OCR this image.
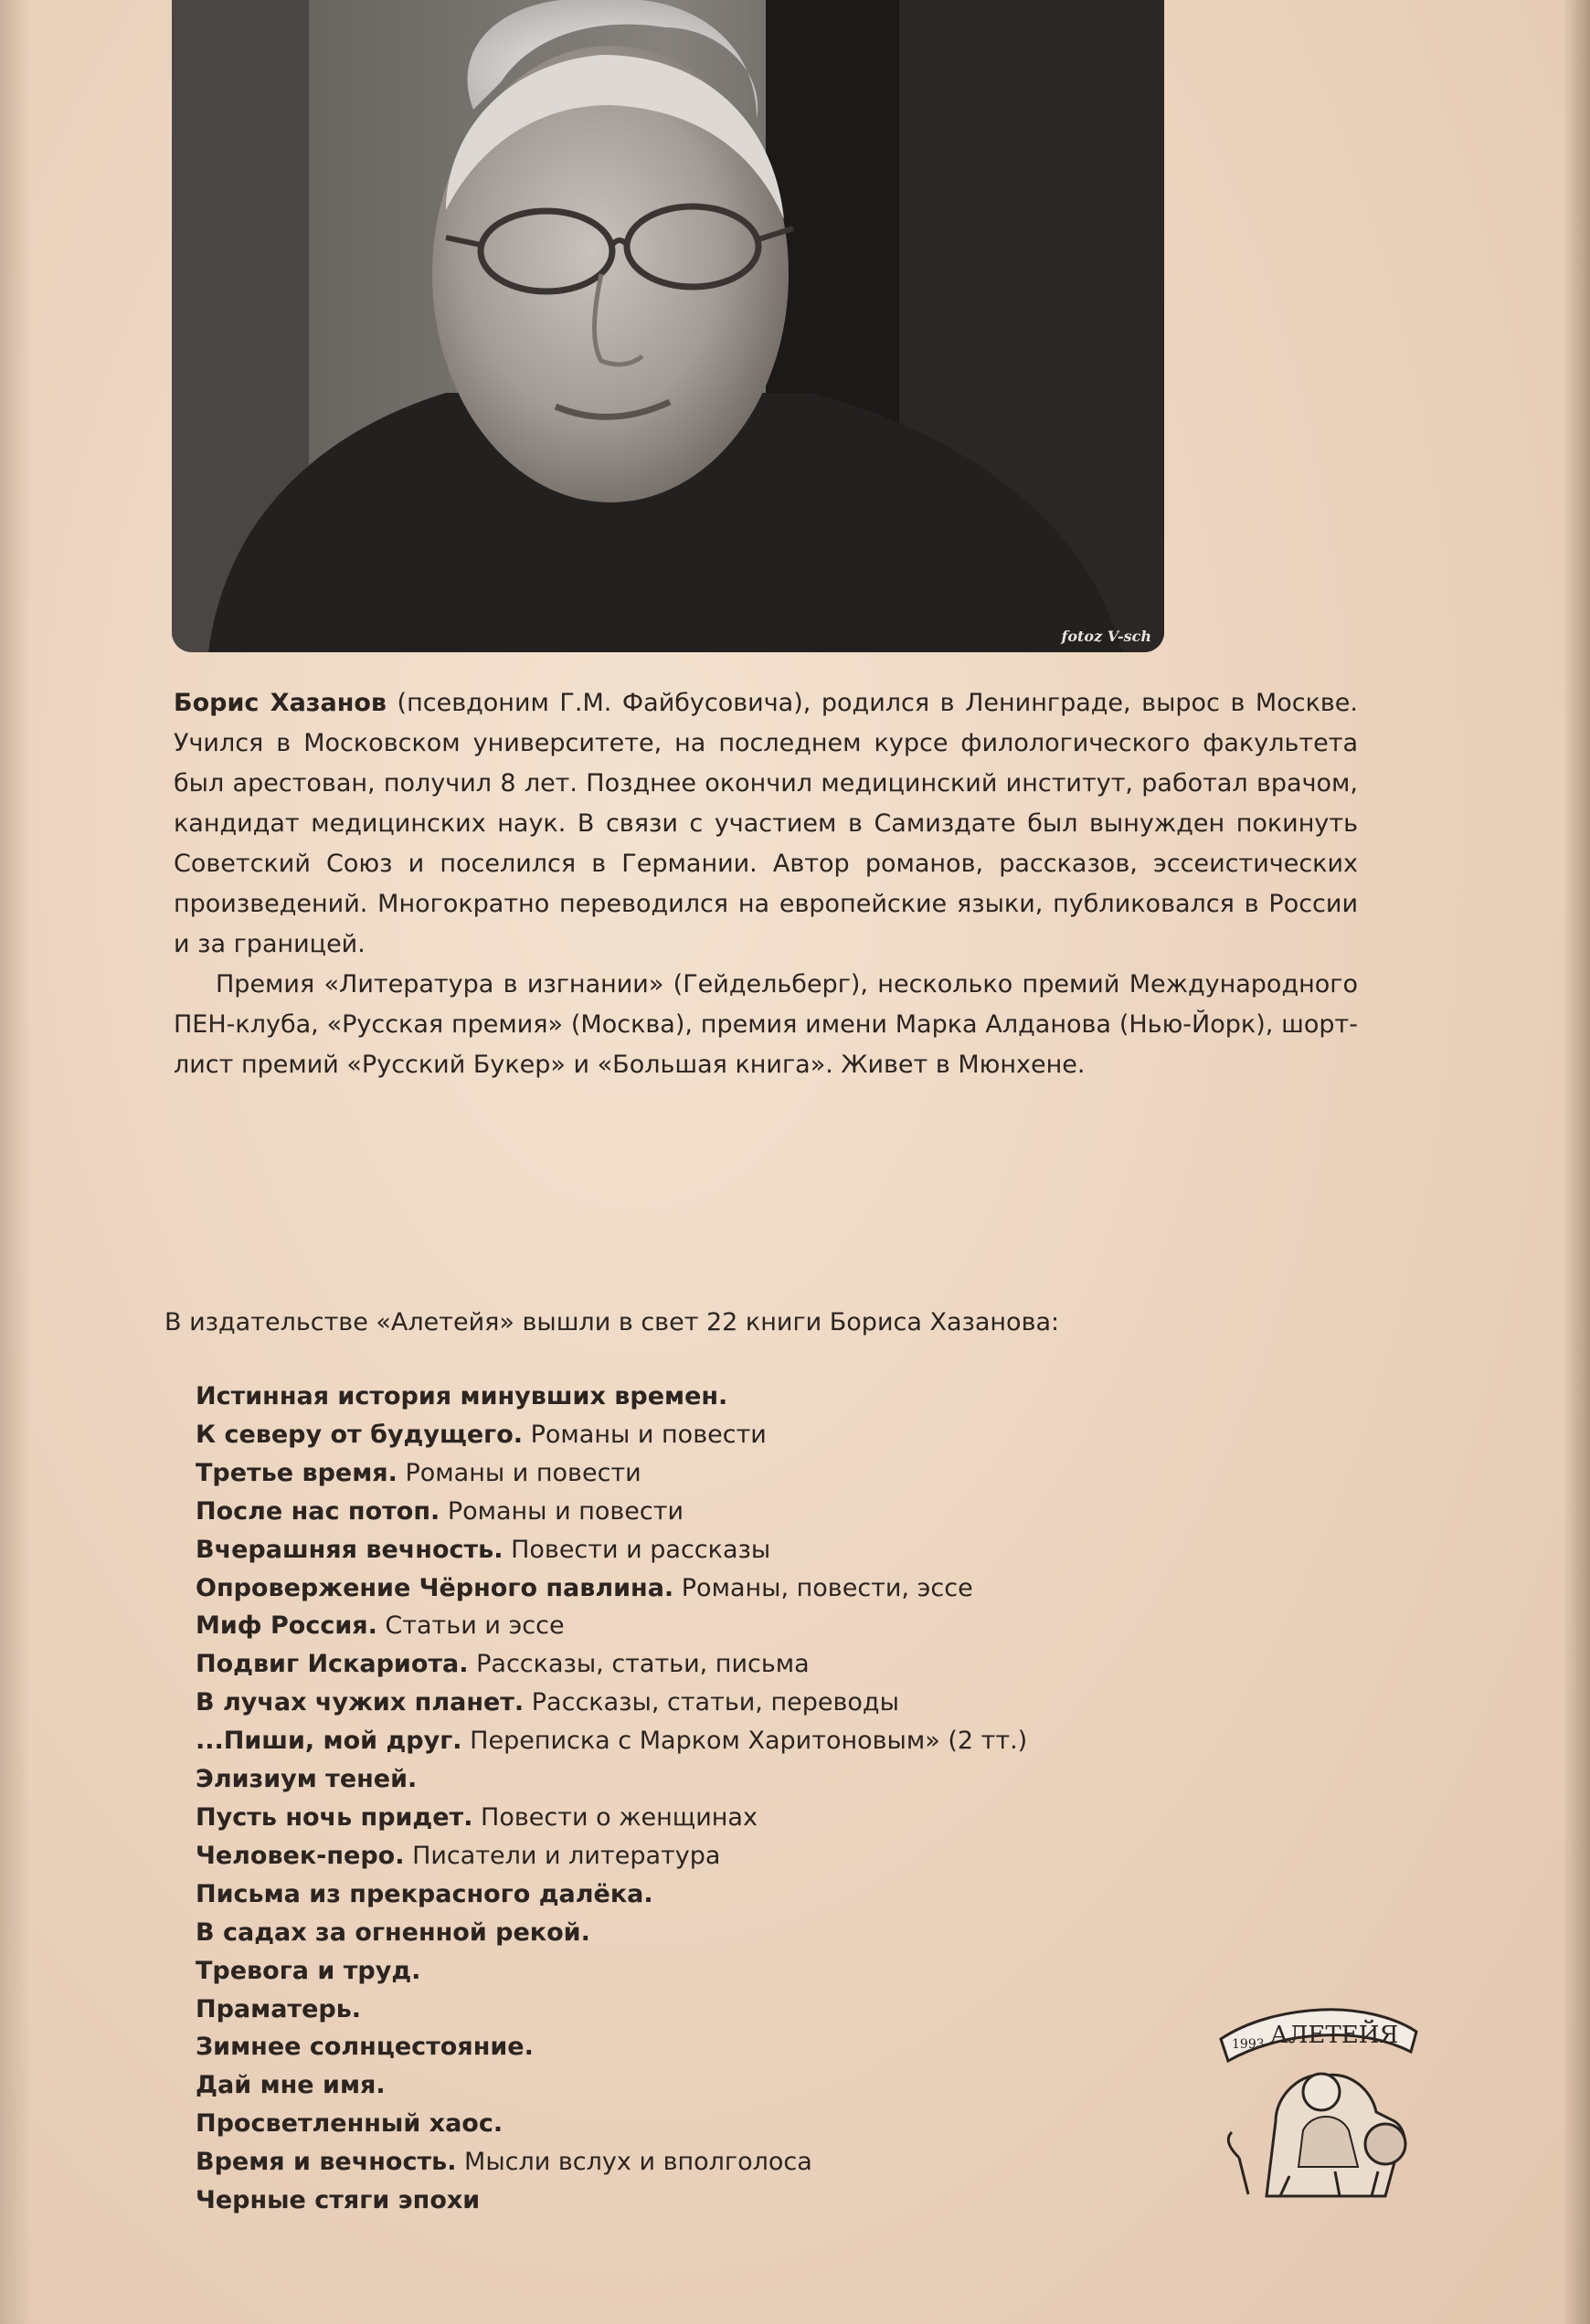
fotoz V-sch

Борис Хазанов (псевдоним Г.М. Файбусовича), родился в Ленинграде, вырос в Москве. Учился в Московском университете, на последнем курсе филологического факультета был арестован, получил 8 лет. Позднее окончил медицинский институт, работал врачом, кандидат медицинских наук. В связи с участием в Самиздате был вынужден покинуть Советский Союз и поселился в Германии. Автор романов, рассказов, эссеистических произведений. Многократно переводился на европейские языки, публиковался в России и за границей.

Премия «Литература в изгнании» (Гейдельберг), несколько премий Международного ПЕН-клуба, «Русская премия» (Москва), премия имени Марка Алданова (Нью-Йорк), шорт-лист премий «Русский Букер» и «Большая книга». Живет в Мюнхене.

В издательстве «Алетейя» вышли в свет 22 книги Бориса Хазанова:

Истинная история минувших времен.
К северу от будущего. Романы и повести
Третье время. Романы и повести
После нас потоп. Романы и повести
Вчерашняя вечность. Повести и рассказы
Опровержение Чёрного павлина. Романы, повести, эссе
Миф Россия. Статьи и эссе
Подвиг Искариота. Рассказы, статьи, письма
В лучах чужих планет. Рассказы, статьи, переводы
...Пиши, мой друг. Переписка с Марком Харитоновым» (2 тт.)
Элизиум теней.
Пусть ночь придет. Повести о женщинах
Человек-перо. Писатели и литература
Письма из прекрасного далёка.
В садах за огненной рекой.
Тревога и труд.
Праматерь.
Зимнее солнцестояние.
Дай мне имя.
Просветленный хаос.
Время и вечность. Мысли вслух и вполголоса
Черные стяги эпохи
1993 АЛЕТЕЙЯ
